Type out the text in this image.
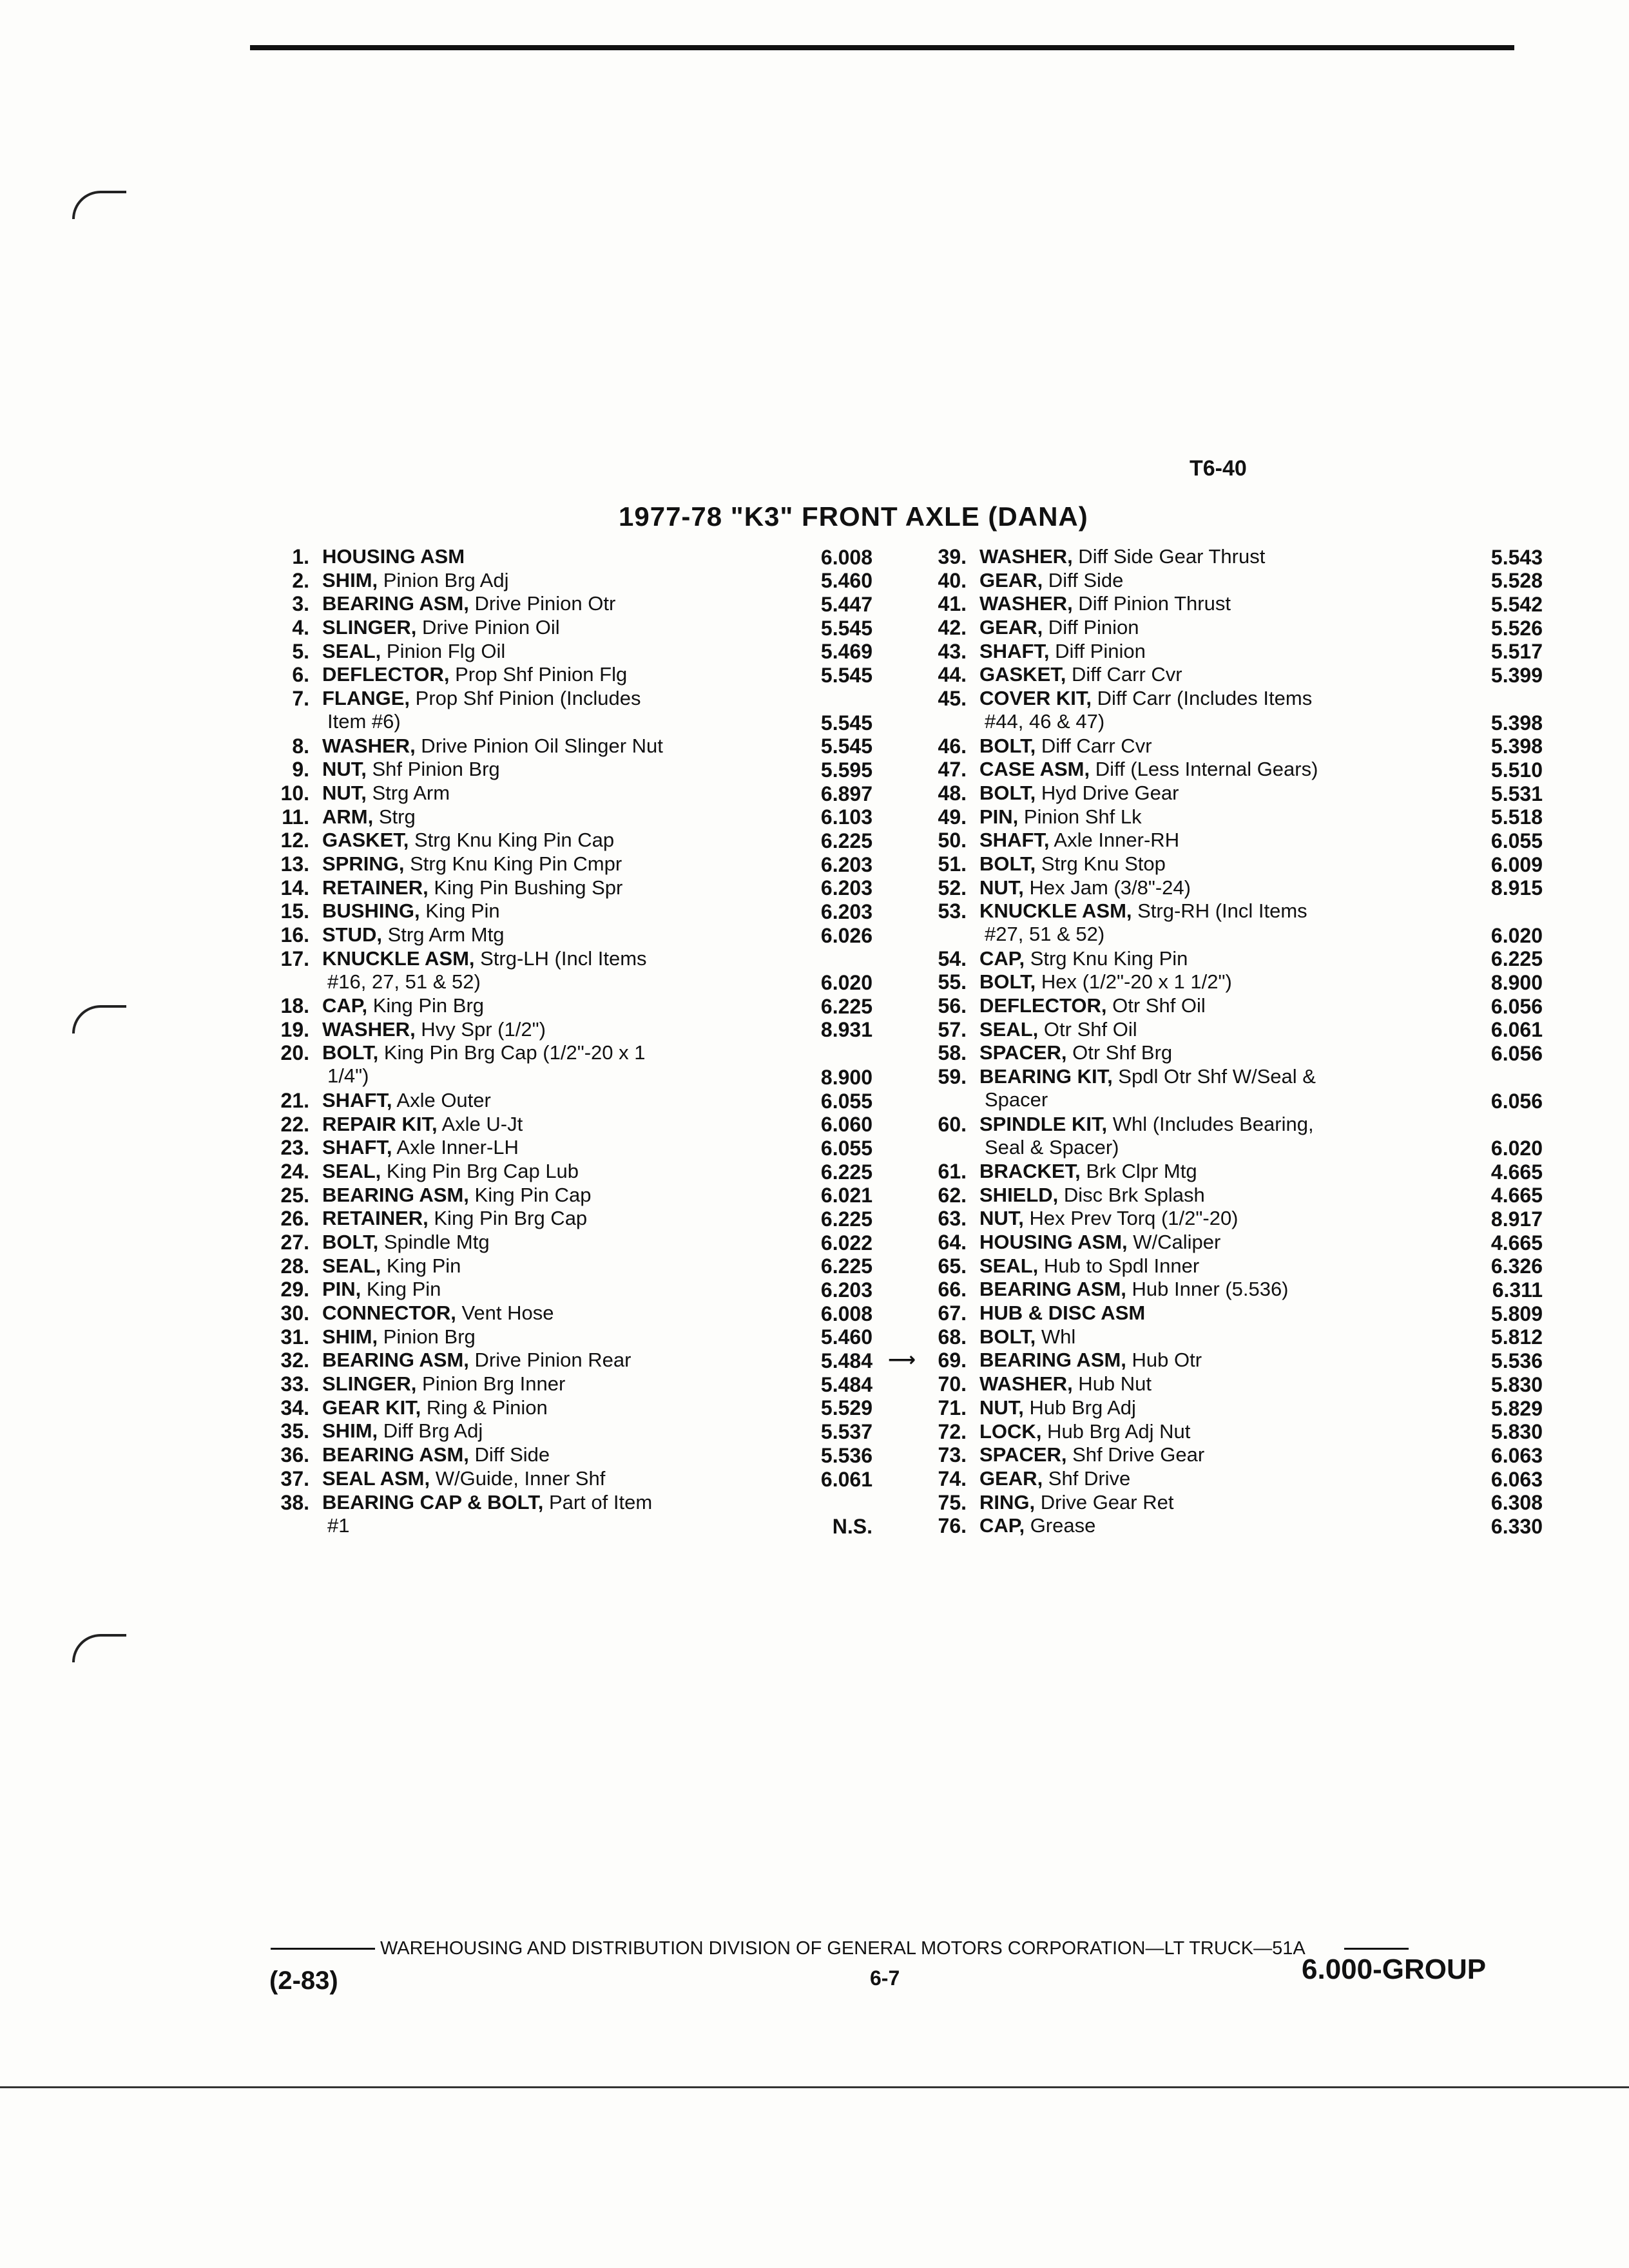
T6-40
1977-78 "K3" FRONT AXLE (DANA)
1. HOUSING ASM	6.008
2. SHIM, Pinion Brg Adj	5.460
3. BEARING ASM, Drive Pinion Otr	5.447
4. SLINGER, Drive Pinion Oil	5.545
5. SEAL, Pinion Flg Oil	5.469
6. DEFLECTOR, Prop Shf Pinion Flg	5.545
7. FLANGE, Prop Shf Pinion (Includes
Item #6)	5.545
8. WASHER, Drive Pinion Oil Slinger Nut	5.545
9. NUT, Shf Pinion Brg	5.595
10. NUT, Strg Arm	6.897
11. ARM, Strg	6.103
12. GASKET, Strg Knu King Pin Cap	6.225
13. SPRING, Strg Knu King Pin Cmpr	6.203
14. RETAINER, King Pin Bushing Spr	6.203
15. BUSHING, King Pin	6.203
16. STUD, Strg Arm Mtg	6.026
17. KNUCKLE ASM, Strg-LH (Incl Items
#16, 27, 51 & 52)	6.020
18. CAP, King Pin Brg	6.225
19. WASHER, Hvy Spr (1/2")	8.931
20. BOLT, King Pin Brg Cap (1/2"-20 x 1
1/4")	8.900
21. SHAFT, Axle Outer	6.055
22. REPAIR KIT, Axle U-Jt	6.060
23. SHAFT, Axle Inner-LH	6.055
24. SEAL, King Pin Brg Cap Lub	6.225
25. BEARING ASM, King Pin Cap	6.021
26. RETAINER, King Pin Brg Cap	6.225
27. BOLT, Spindle Mtg	6.022
28. SEAL, King Pin	6.225
29. PIN, King Pin	6.203
30. CONNECTOR, Vent Hose	6.008
31. SHIM, Pinion Brg	5.460
32. BEARING ASM, Drive Pinion Rear	5.484
33. SLINGER, Pinion Brg Inner	5.484
34. GEAR KIT, Ring & Pinion	5.529
35. SHIM, Diff Brg Adj	5.537
36. BEARING ASM, Diff Side	5.536
37. SEAL ASM, W/Guide, Inner Shf	6.061
38. BEARING CAP & BOLT, Part of Item
#1	N.S.
39. WASHER, Diff Side Gear Thrust	5.543
40. GEAR, Diff Side	5.528
41. WASHER, Diff Pinion Thrust	5.542
42. GEAR, Diff Pinion	5.526
43. SHAFT, Diff Pinion	5.517
44. GASKET, Diff Carr Cvr	5.399
45. COVER KIT, Diff Carr (Includes Items
#44, 46 & 47)	5.398
46. BOLT, Diff Carr Cvr	5.398
47. CASE ASM, Diff (Less Internal Gears)	5.510
48. BOLT, Hyd Drive Gear	5.531
49. PIN, Pinion Shf Lk	5.518
50. SHAFT, Axle Inner-RH	6.055
51. BOLT, Strg Knu Stop	6.009
52. NUT, Hex Jam (3/8"-24)	8.915
53. KNUCKLE ASM, Strg-RH (Incl Items
#27, 51 & 52)	6.020
54. CAP, Strg Knu King Pin	6.225
55. BOLT, Hex (1/2"-20 x 1 1/2")	8.900
56. DEFLECTOR, Otr Shf Oil	6.056
57. SEAL, Otr Shf Oil	6.061
58. SPACER, Otr Shf Brg	6.056
59. BEARING KIT, Spdl Otr Shf W/Seal &
Spacer	6.056
60. SPINDLE KIT, Whl (Includes Bearing,
Seal & Spacer)	6.020
61. BRACKET, Brk Clpr Mtg	4.665
62. SHIELD, Disc Brk Splash	4.665
63. NUT, Hex Prev Torq (1/2"-20)	8.917
64. HOUSING ASM, W/Caliper	4.665
65. SEAL, Hub to Spdl Inner	6.326
66. BEARING ASM, Hub Inner (5.536)	6.311
67. HUB & DISC ASM	5.809
68. BOLT, Whl	5.812
69. BEARING ASM, Hub Otr	5.536
70. WASHER, Hub Nut	5.830
71. NUT, Hub Brg Adj	5.829
72. LOCK, Hub Brg Adj Nut	5.830
73. SPACER, Shf Drive Gear	6.063
74. GEAR, Shf Drive	6.063
75. RING, Drive Gear Ret	6.308
76. CAP, Grease	6.330
⟶
WAREHOUSING AND DISTRIBUTION DIVISION OF GENERAL MOTORS CORPORATION—LT TRUCK—51A
(2-83)	6-7	6.000-GROUP
